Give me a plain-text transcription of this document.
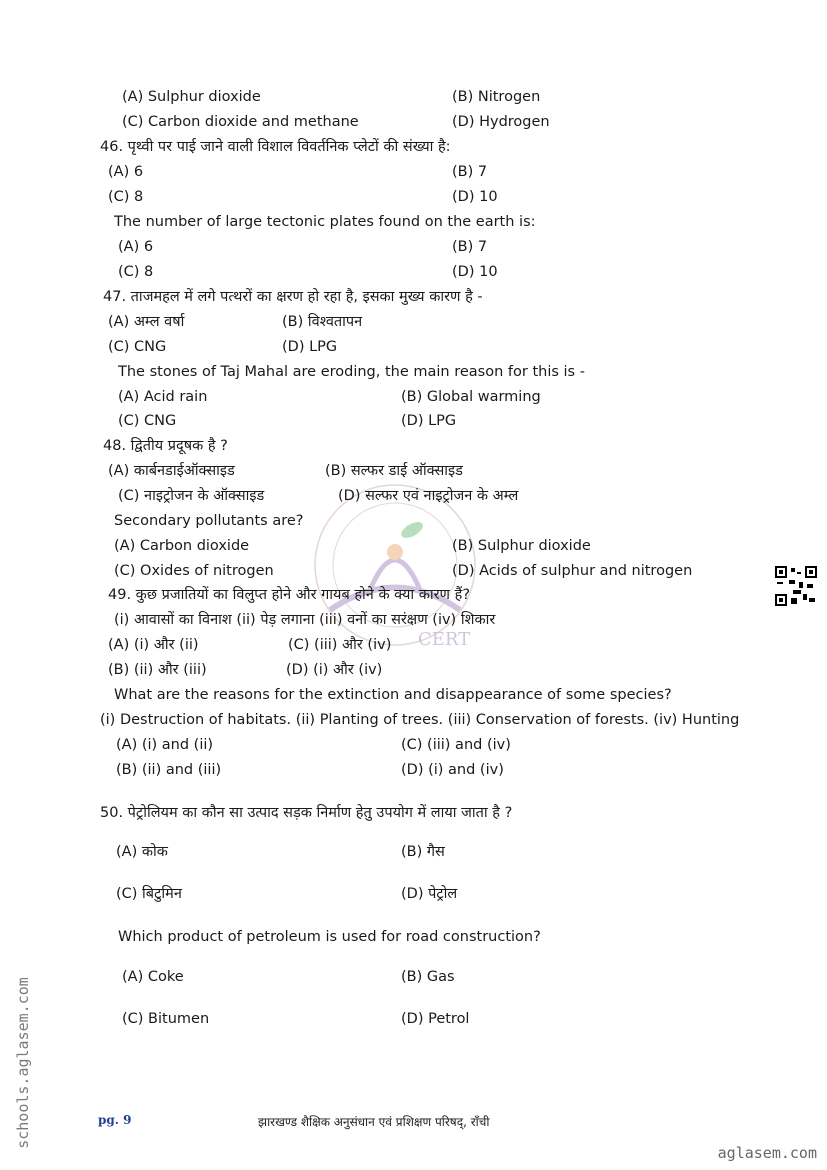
CERT
(A) Sulphur dioxide	(B) Nitrogen
(C) Carbon dioxide and methane	(D) Hydrogen
46. पृथ्वी पर पाई जाने वाली विशाल विवर्तनिक प्लेटों की संख्या है:
(A) 6	(B) 7
(C) 8	(D) 10
The number of large tectonic plates found on the earth is:
(A) 6	(B) 7
(C) 8	(D) 10
47. ताजमहल में लगे पत्थरों का क्षरण हो रहा है, इसका मुख्य कारण है -
(A) अम्ल वर्षा	(B) विश्वतापन
(C) CNG	(D) LPG
The stones of Taj Mahal are eroding, the main reason for this is -
(A) Acid rain	(B) Global warming
(C) CNG	(D) LPG
48. द्वितीय प्रदूषक है ?
(A) कार्बनडाईऑक्साइड	(B) सल्फर डाई ऑक्साइड
(C) नाइट्रोजन के ऑक्साइड	(D) सल्फर एवं नाइट्रोजन के अम्ल
Secondary pollutants are?
(A) Carbon dioxide	(B) Sulphur dioxide
(C) Oxides of nitrogen	(D) Acids of sulphur and nitrogen
49. कुछ प्रजातियों का विलुप्त होने और गायब होने के क्या कारण हैं?
(i) आवासों का विनाश (ii) पेड़ लगाना (iii) वनों का सरंक्षण (iv) शिकार
(A) (i) और (ii)	(C) (iii) और (iv)
(B) (ii) और (iii)	(D) (i) और (iv)
What are the reasons for the extinction and disappearance of some species?
(i) Destruction of habitats. (ii) Planting of trees. (iii) Conservation of forests. (iv) Hunting
(A) (i) and (ii)	(C) (iii) and (iv)
(B) (ii) and (iii)	(D) (i) and (iv)
50. पेट्रोलियम का कौन सा उत्पाद सड़क निर्माण हेतु उपयोग में लाया जाता है ?
(A) कोक	(B) गैस
(C) बिटुमिन	(D) पेट्रोल
Which product of petroleum is used for road construction?
(A) Coke	(B) Gas
(C) Bitumen	(D) Petrol
schools.aglasem.com	pg. 9	झारखण्ड शैक्षिक अनुसंधान एवं प्रशिक्षण परिषद्, राँची
aglasem.com
